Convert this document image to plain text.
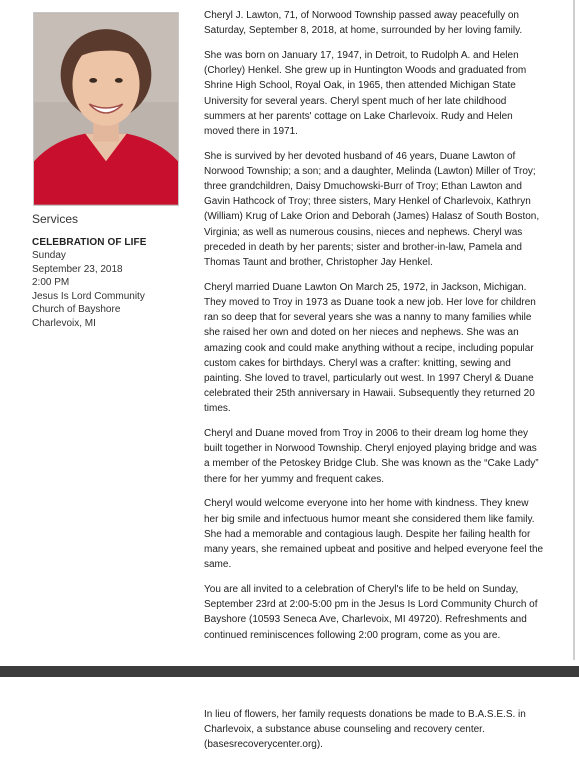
Services
CELEBRATION OF LIFE
Sunday
September 23, 2018
2:00 PM
Jesus Is Lord Community
Church of Bayshore
Charlevoix, MI

Cheryl J. Lawton, 71, of Norwood Township passed away peacefully on Saturday, September 8, 2018, at home, surrounded by her loving family.

She was born on January 17, 1947, in Detroit, to Rudolph A. and Helen (Chorley) Henkel. She grew up in Huntington Woods and graduated from Shrine High School, Royal Oak, in 1965, then attended Michigan State University for several years. Cheryl spent much of her late childhood summers at her parents' cottage on Lake Charlevoix. Rudy and Helen moved there in 1971.

She is survived by her devoted husband of 46 years, Duane Lawton of Norwood Township; a son; and a daughter, Melinda (Lawton) Miller of Troy; three grandchildren, Daisy Dmuchowski-Burr of Troy; Ethan Lawton and Gavin Hathcock of Troy; three sisters, Mary Henkel of Charlevoix, Kathryn (William) Krug of Lake Orion and Deborah (James) Halasz of South Boston, Virginia; as well as numerous cousins, nieces and nephews. Cheryl was preceded in death by her parents; sister and brother-in-law, Pamela and Thomas Taunt and brother, Christopher Jay Henkel.

Cheryl married Duane Lawton On March 25, 1972, in Jackson, Michigan. They moved to Troy in 1973 as Duane took a new job. Her love for children ran so deep that for several years she was a nanny to many families while she raised her own and doted on her nieces and nephews. She was an amazing cook and could make anything without a recipe, including popular custom cakes for birthdays. Cheryl was a crafter: knitting, sewing and painting. She loved to travel, particularly out west. In 1997 Cheryl & Duane celebrated their 25th anniversary in Hawaii. Subsequently they returned 20 times.

Cheryl and Duane moved from Troy in 2006 to their dream log home they built together in Norwood Township. Cheryl enjoyed playing bridge and was a member of the Petoskey Bridge Club. She was known as the “Cake Lady” there for her yummy and frequent cakes.

Cheryl would welcome everyone into her home with kindness. They knew her big smile and infectuous humor meant she considered them like family. She had a memorable and contagious laugh. Despite her failing health for many years, she remained upbeat and positive and helped everyone feel the same.

You are all invited to a celebration of Cheryl's life to be held on Sunday, September 23rd at 2:00-5:00 pm in the Jesus Is Lord Community Church of Bayshore (10593 Seneca Ave, Charlevoix, MI 49720). Refreshments and continued reminiscences following 2:00 program, come as you are.

In lieu of flowers, her family requests donations be made to B.A.S.E.S. in Charlevoix, a substance abuse counseling and recovery center. (basesrecoverycenter.org).
